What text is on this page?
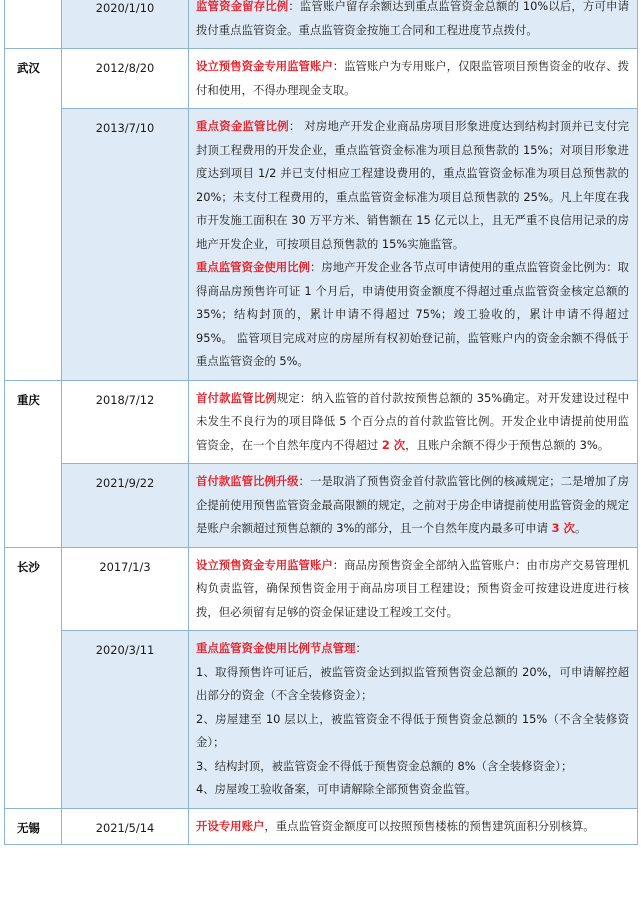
	2020/1/10	监管资金留存比例：监管账户留存余额达到重点监管资金总额的 10%以后，方可申请拨付重点监管资金。重点监管资金按施工合同和工程进度节点拨付。

武汉	2012/8/20	设立预售资金专用监管账户：监管账户为专用账户，仅限监管项目预售资金的收存、拨付和使用，不得办理现金支取。

	2013/7/10	重点资金监管比例： 对房地产开发企业商品房项目形象进度达到结构封顶并已支付完封顶工程费用的开发企业，重点监管资金标准为项目总预售款的 15%；对项目形象进度达到项目 1/2 并已支付相应工程建设费用的，重点监管资金标准为项目总预售款的 20%；未支付工程费用的，重点监管资金标准为项目总预售款的 25%。凡上年度在我市开发施工面积在 30 万平方米、销售额在 15 亿元以上，且无严重不良信用记录的房地产开发企业，可按项目总预售款的 15%实施监管。

重点监管资金使用比例：房地产开发企业各节点可申请使用的重点监管资金比例为：取得商品房预售许可证 1 个月后，申请使用资金额度不得超过重点监管资金核定总额的 35%；结构封顶的，累计申请不得超过 75%；竣工验收的，累计申请不得超过 95%。 监管项目完成对应的房屋所有权初始登记前，监管账户内的资金余额不得低于重点监管资金的 5%。

重庆	2018/7/12	首付款监管比例规定：纳入监管的首付款按预售总额的 35%确定。对开发建设过程中未发生不良行为的项目降低 5 个百分点的首付款监管比例。开发企业申请提前使用监管资金，在一个自然年度内不得超过 2 次，且账户余额不得少于预售总额的 3%。

	2021/9/22	首付款监管比例升级：一是取消了预售资金首付款监管比例的核减规定；二是增加了房企提前使用预售监管资金最高限额的规定，之前对于房企申请提前使用监管资金的规定是账户余额超过预售总额的 3%的部分，且一个自然年度内最多可申请 3 次。

长沙	2017/1/3	设立预售资金专用监管账户：商品房预售资金全部纳入监管账户：由市房产交易管理机构负责监管，确保预售资金用于商品房项目工程建设；预售资金可按建设进度进行核拨，但必须留有足够的资金保证建设工程竣工交付。

	2020/3/11	重点监管资金使用比例节点管理：

1、取得预售许可证后，被监管资金达到拟监管预售资金总额的 20%，可申请解控超出部分的资金（不含全装修资金）；

2、房屋建至 10 层以上，被监管资金不得低于预售资金总额的 15%（不含全装修资金）；

3、结构封顶，被监管资金不得低于预售资金总额的 8%（含全装修资金）；

4、房屋竣工验收备案，可申请解除全部预售资金监管。

无锡	2021/5/14	开设专用账户，重点监管资金额度可以按照预售楼栋的预售建筑面积分别核算。
